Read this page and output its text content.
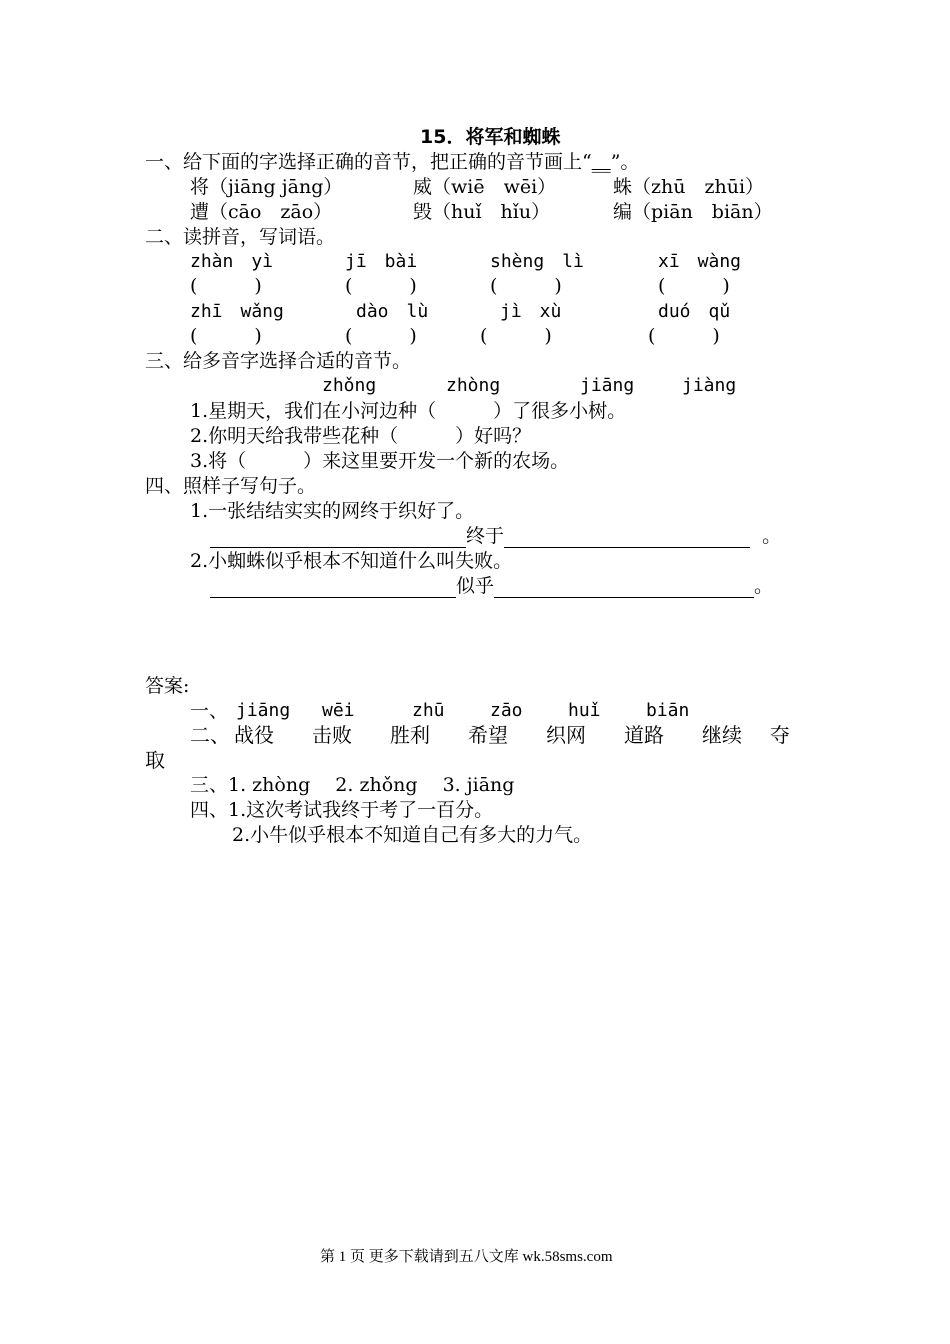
15．将军和蜘蛛
一、给下面的字选择正确的音节，把正确的音节画上“__”。
将（jiāng jāng）	威（wiē　wēi）	蛛（zhū　zhūi）
遭（cāo　zāo）	毁（huǐ　hǐu）	编（piān　biān）
二、读拼音，写词语。
zhàn　yì	jī　bài	shèng　lì	xī　wàng
(　　　)	(　　　)	(　　　)	(　　　)
zhī　wǎng	dào　lù	jì　xù	duó　qǔ
(　　　)	(　　　)	(　　　)	(　　　)
三、给多音字选择合适的音节。
zhǒng	zhòng	jiāng	jiàng
1.星期天，我们在小河边种（　　　）了很多小树。
2.你明天给我带些花种（　　　）好吗？
3.将（　　　）来这里要开发一个新的农场。
四、照样子写句子。
1.一张结结实实的网终于织好了。
终于	。
2.小蜘蛛似乎根本不知道什么叫失败。
似乎	。
答案:
一、 jiāng wēi	zhū	zāo	huǐ	biān
二、 战役 击败 胜利 希望 织网 道路 继续 夺
取
三、1. zhòng　 2. zhǒng　 3. jiāng
四、1.这次考试我终于考了一百分。
2.小牛似乎根本不知道自己有多大的力气。
第 1 页 更多下载请到五八文库 wk.58sms.com
